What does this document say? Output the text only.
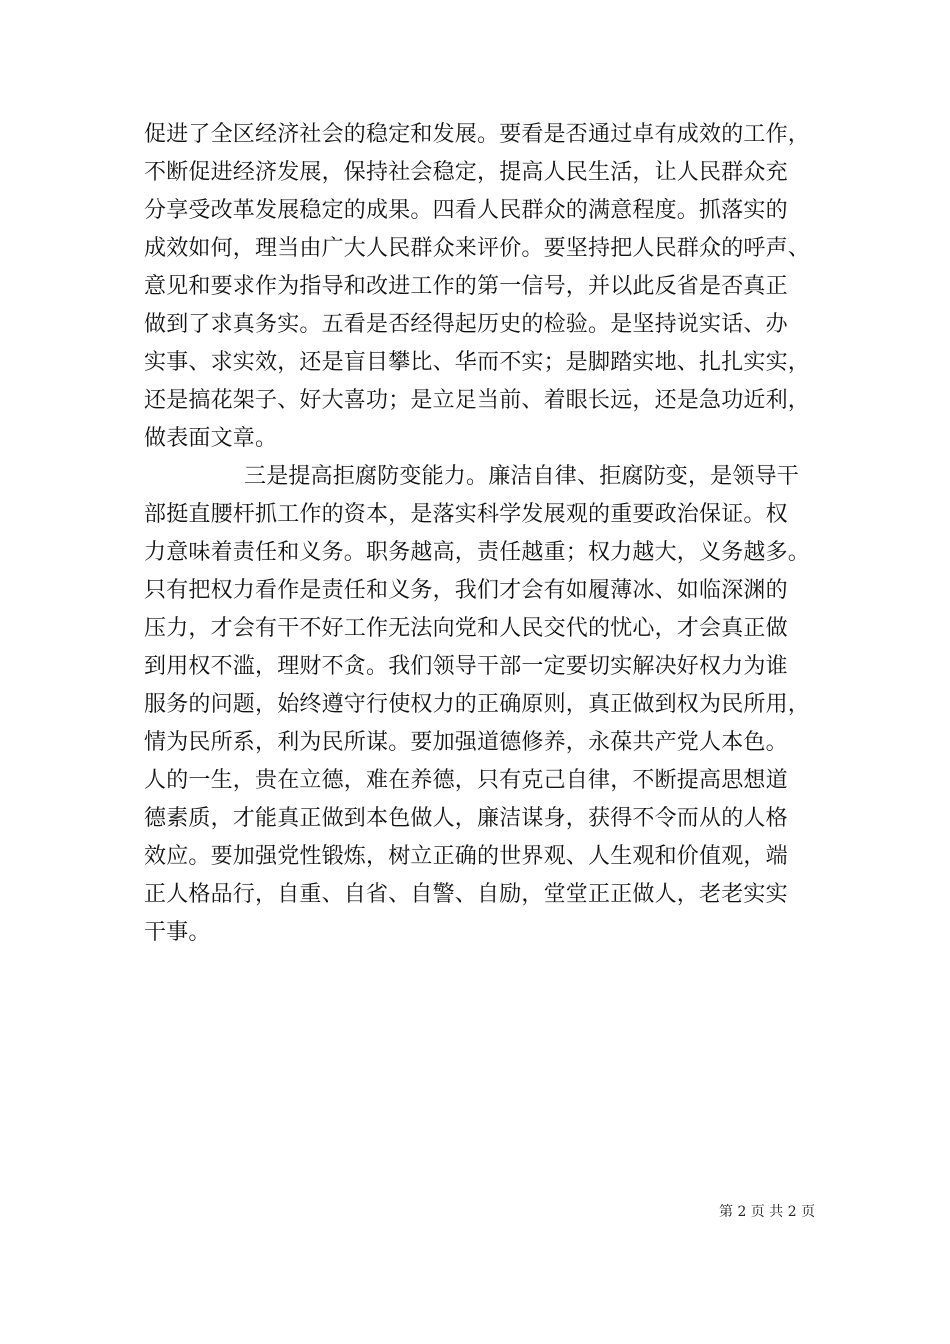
促进了全区经济社会的稳定和发展。要看是否通过卓有成效的工作，
不断促进经济发展，保持社会稳定，提高人民生活，让人民群众充
分享受改革发展稳定的成果。四看人民群众的满意程度。抓落实的
成效如何，理当由广大人民群众来评价。要坚持把人民群众的呼声、
意见和要求作为指导和改进工作的第一信号，并以此反省是否真正
做到了求真务实。五看是否经得起历史的检验。是坚持说实话、办
实事、求实效，还是盲目攀比、华而不实；是脚踏实地、扎扎实实，
还是搞花架子、好大喜功；是立足当前、着眼长远，还是急功近利，
做表面文章。
三是提高拒腐防变能力。廉洁自律、拒腐防变，是领导干
部挺直腰杆抓工作的资本，是落实科学发展观的重要政治保证。权
力意味着责任和义务。职务越高，责任越重；权力越大，义务越多。
只有把权力看作是责任和义务，我们才会有如履薄冰、如临深渊的
压力，才会有干不好工作无法向党和人民交代的忧心，才会真正做
到用权不滥，理财不贪。我们领导干部一定要切实解决好权力为谁
服务的问题，始终遵守行使权力的正确原则，真正做到权为民所用，
情为民所系，利为民所谋。要加强道德修养，永葆共产党人本色。
人的一生，贵在立德，难在养德，只有克己自律，不断提高思想道
德素质，才能真正做到本色做人，廉洁谋身，获得不令而从的人格
效应。要加强党性锻炼，树立正确的世界观、人生观和价值观，端
正人格品行，自重、自省、自警、自励，堂堂正正做人，老老实实
干事。
第 2 页 共 2 页
